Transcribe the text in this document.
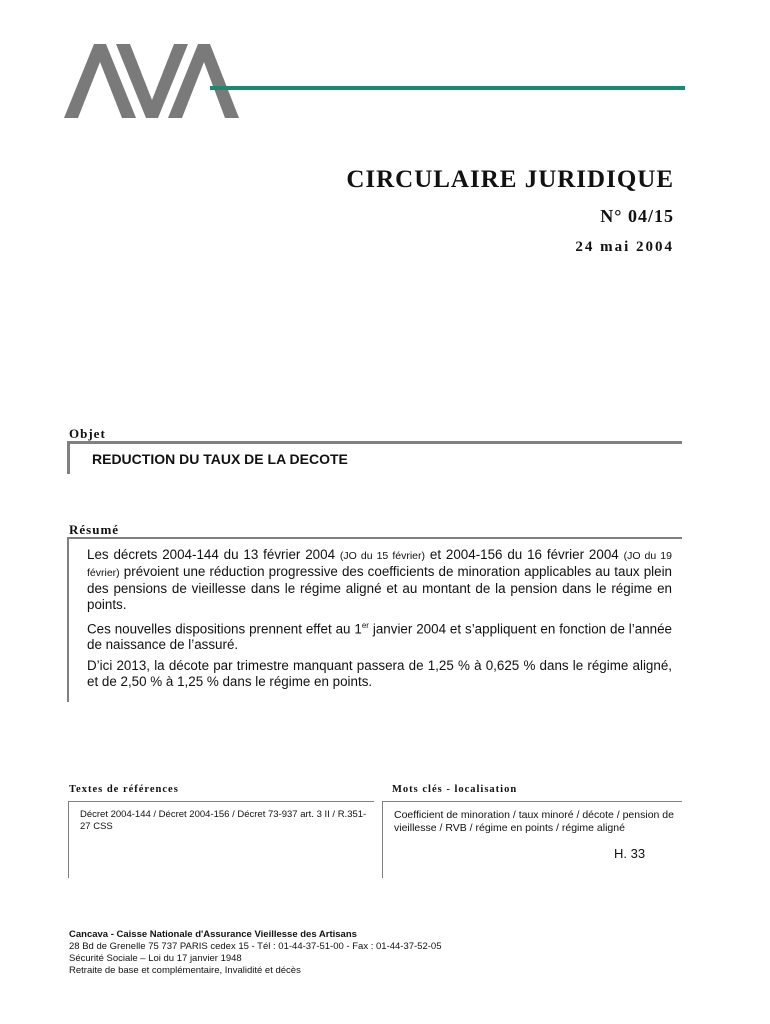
CIRCULAIRE JURIDIQUE
N° 04/15
24 mai 2004
Objet
REDUCTION DU TAUX DE LA DECOTE
Résumé

Les décrets 2004-144 du 13 février 2004 (JO du 15 février) et 2004-156 du 16 février 2004 (JO du 19 février) prévoient une réduction progressive des coefficients de minoration applicables au taux plein des pensions de vieillesse dans le régime aligné et au montant de la pension dans le régime en points.

Ces nouvelles dispositions prennent effet au 1er janvier 2004 et s’appliquent en fonction de l’année de naissance de l’assuré.

D’ici 2013, la décote par trimestre manquant passera de 1,25 % à 0,625 % dans le régime aligné, et de 2,50 % à 1,25 % dans le régime en points.

Textes de références
Décret 2004-144 / Décret 2004-156 / Décret 73-937 art. 3 II / R.351-27 CSS
Mots clés - localisation
Coefficient de minoration / taux minoré / décote / pension de vieillesse / RVB / régime en points / régime aligné
H. 33
Cancava - Caisse Nationale d'Assurance Vieillesse des Artisans
28 Bd de Grenelle 75 737 PARIS cedex 15 - Tél : 01-44-37-51-00 - Fax : 01-44-37-52-05
Sécurité Sociale – Loi du 17 janvier 1948
Retraite de base et complémentaire, Invalidité et décès
